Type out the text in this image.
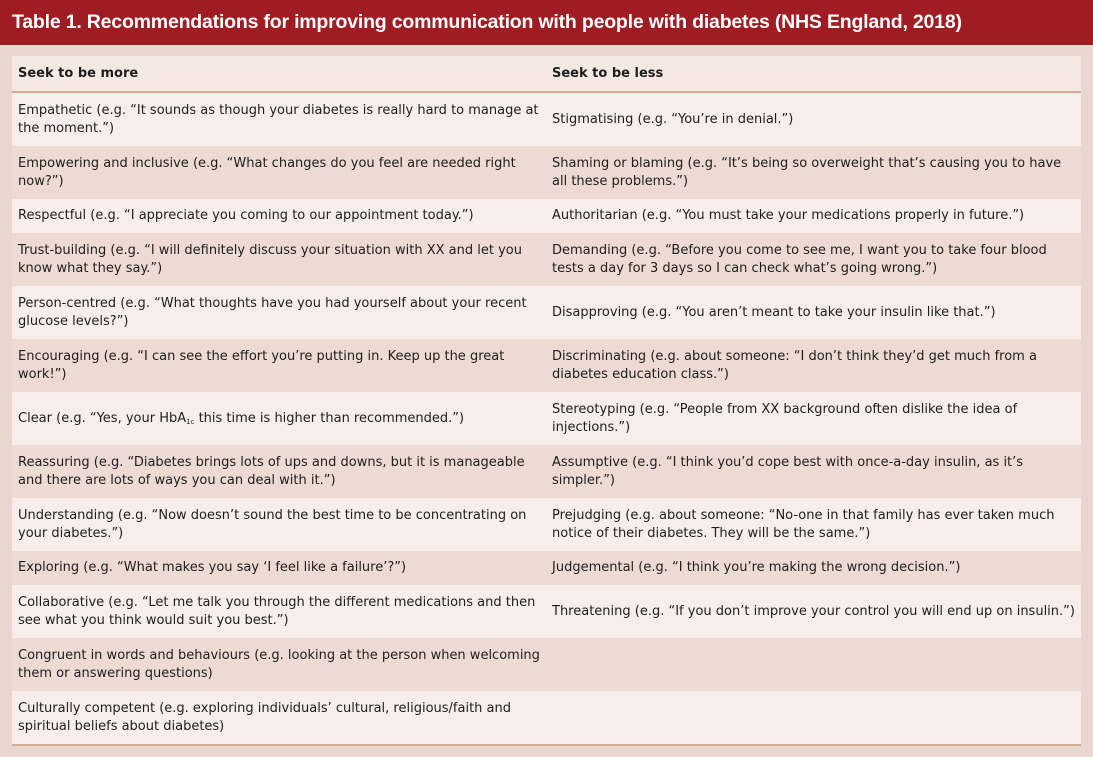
Table 1. Recommendations for improving communication with people with diabetes (NHS England, 2018)
Seek to be more	Seek to be less
Empathetic (e.g. “It sounds as though your diabetes is really hard to manage at the moment.”)	Stigmatising (e.g. “You’re in denial.”)
Empowering and inclusive (e.g. “What changes do you feel are needed right now?”)	Shaming or blaming (e.g. “It’s being so overweight that’s causing you to have all these problems.”)
Respectful (e.g. “I appreciate you coming to our appointment today.”)	Authoritarian (e.g. “You must take your medications properly in future.”)
Trust-building (e.g. “I will definitely discuss your situation with XX and let you know what they say.”)	Demanding (e.g. “Before you come to see me, I want you to take four blood tests a day for 3 days so I can check what’s going wrong.”)
Person-centred (e.g. “What thoughts have you had yourself about your recent glucose levels?”)	Disapproving (e.g. “You aren’t meant to take your insulin like that.”)
Encouraging (e.g. “I can see the effort you’re putting in. Keep up the great work!”)	Discriminating (e.g. about someone: “I don’t think they’d get much from a diabetes education class.”)
Clear (e.g. “Yes, your HbA$_{1c}$ this time is higher than recommended.”)	Stereotyping (e.g. “People from XX background often dislike the idea of injections.”)
Reassuring (e.g. “Diabetes brings lots of ups and downs, but it is manageable and there are lots of ways you can deal with it.”)	Assumptive (e.g. “I think you’d cope best with once-a-day insulin, as it’s simpler.”)
Understanding (e.g. “Now doesn’t sound the best time to be concentrating on your diabetes.”)	Prejudging (e.g. about someone: “No-one in that family has ever taken much notice of their diabetes. They will be the same.”)
Exploring (e.g. “What makes you say ‘I feel like a failure’?”)	Judgemental (e.g. “I think you’re making the wrong decision.”)
Collaborative (e.g. “Let me talk you through the different medications and then see what you think would suit you best.”)	Threatening (e.g. “If you don’t improve your control you will end up on insulin.”)
Congruent in words and behaviours (e.g. looking at the person when welcoming them or answering questions)	
Culturally competent (e.g. exploring individuals’ cultural, religious/faith and spiritual beliefs about diabetes)	
